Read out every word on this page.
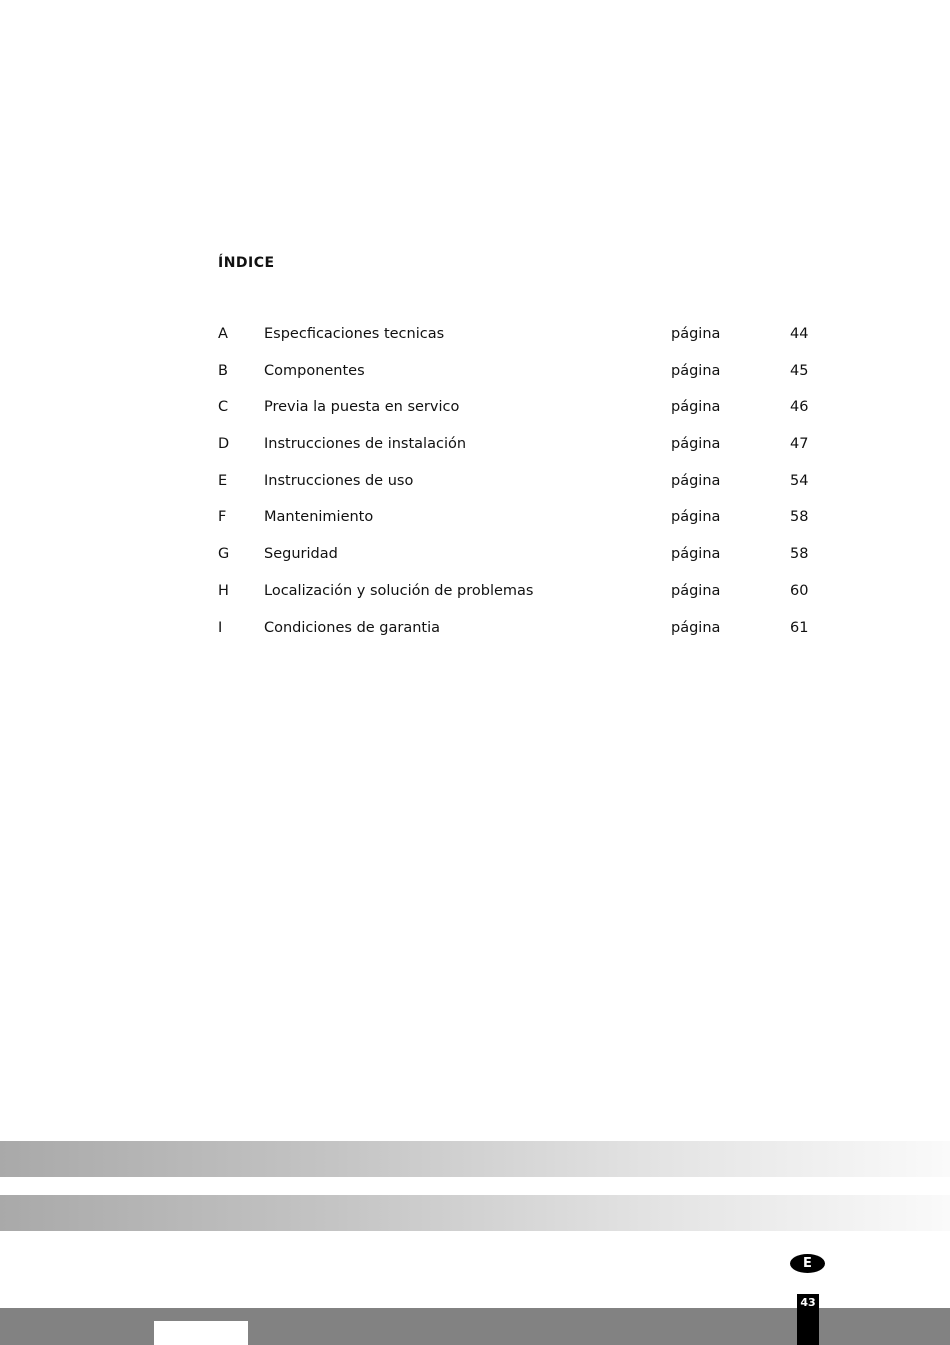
ÍNDICE
A Especficaciones tecnicas	página	44
B Componentes	página	45
C Previa la puesta en servico	página	46
D Instrucciones de instalación	página	47
E	Instrucciones de uso	página	54
F	Mantenimiento	página	58
G Seguridad	página	58
H Localización y solución de problemas	página	60
I	Condiciones de garantia	página	61
E
43
